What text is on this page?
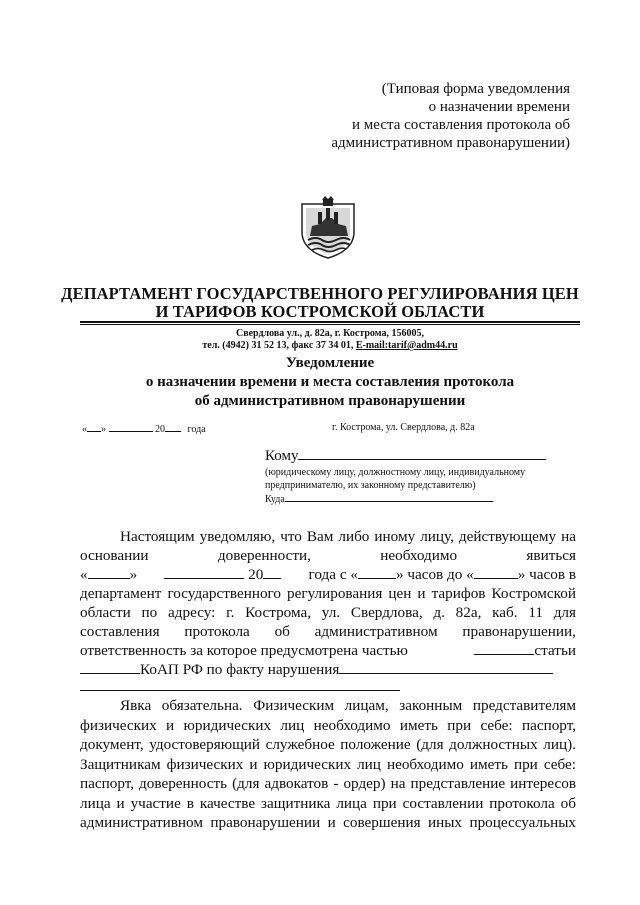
(Типовая форма уведомления
о назначении времени
и места составления протокола об
административном правонарушении)
ДЕПАРТАМЕНТ ГОСУДАРСТВЕННОГО РЕГУЛИРОВАНИЯ ЦЕН
И ТАРИФОВ КОСТРОМСКОЙ ОБЛАСТИ
Свердлова ул., д. 82а, г. Кострома, 156005,
тел. (4942) 31 52 13, факс 37 34 01, E-mail:tarif@adm44.ru
Уведомление
о назначении времени и места составления протокола
об административном правонарушении
« »	20 года	г. Кострома, ул. Свердлова, д. 82а
Кому
(юридическому лицу, должностному лицу, индивидуальному
предпринимателю, их законному представителю)
Куда
Настоящим уведомляю, что Вам либо иному лицу, действующему на
основании	доверенности,	необходимо	явиться
«	»	20	года с «	» часов до «	» часов в
департамент государственного регулирования цен и тарифов Костромской
области по адресу: г. Кострома, ул. Свердлова, д. 82а, каб. 11 для
составления протокола об административном правонарушении,
ответственность за которое предусмотрена частью	статьи
КоАП РФ по факту нарушения
Явка обязательна. Физическим лицам, законным представителям
физических и юридических лиц необходимо иметь при себе: паспорт,
документ, удостоверяющий служебное положение (для должностных лиц).
Защитникам физических и юридических лиц необходимо иметь при себе:
паспорт, доверенность (для адвокатов - ордер) на представление интересов
лица и участие в качестве защитника лица при составлении протокола об
административном правонарушении и совершения иных процессуальных
